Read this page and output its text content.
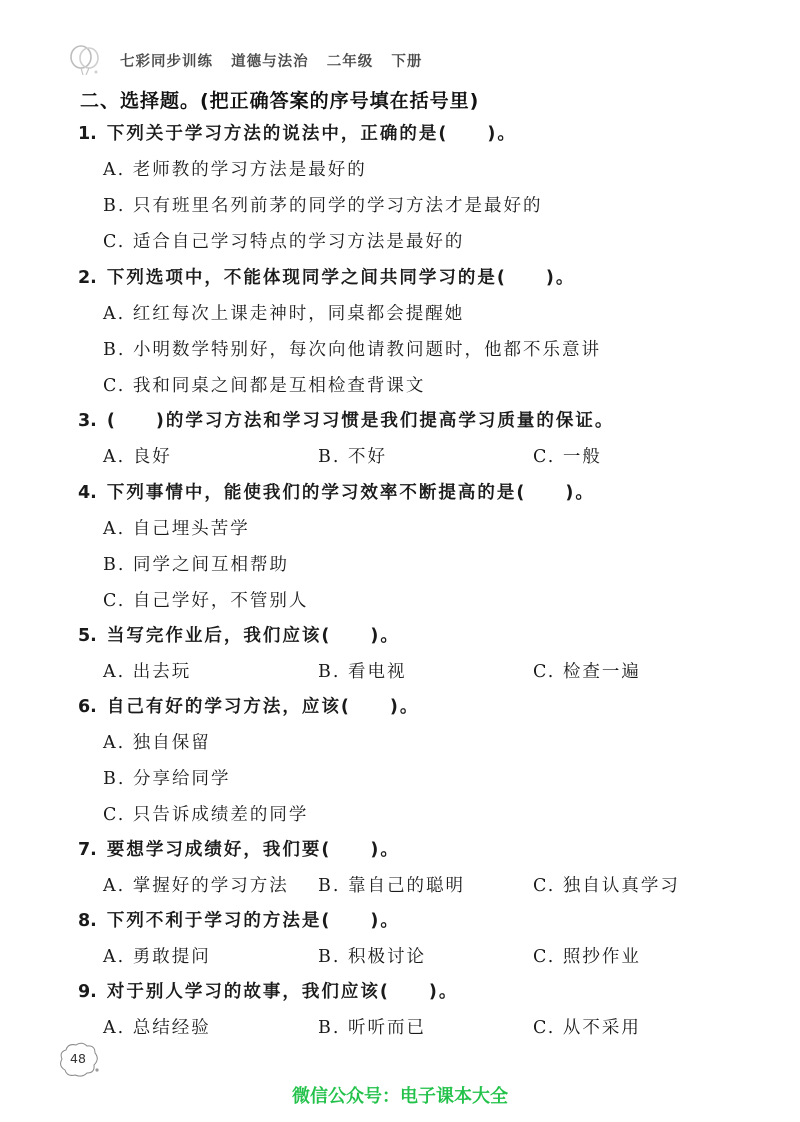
七彩同步训练   道德与法治   二年级   下册
二、选择题。(把正确答案的序号填在括号里)
1. 下列关于学习方法的说法中，正确的是(　　)。
A. 老师教的学习方法是最好的
B. 只有班里名列前茅的同学的学习方法才是最好的
C. 适合自己学习特点的学习方法是最好的
2. 下列选项中，不能体现同学之间共同学习的是(　　)。
A. 红红每次上课走神时，同桌都会提醒她
B. 小明数学特别好，每次向他请教问题时，他都不乐意讲
C. 我和同桌之间都是互相检查背课文
3. (　　)的学习方法和学习习惯是我们提高学习质量的保证。
A. 良好	B. 不好	C. 一般
4. 下列事情中，能使我们的学习效率不断提高的是(　　)。
A. 自己埋头苦学
B. 同学之间互相帮助
C. 自己学好，不管别人
5. 当写完作业后，我们应该(　　)。
A. 出去玩	B. 看电视	C. 检查一遍
6. 自己有好的学习方法，应该(　　)。
A. 独自保留
B. 分享给同学
C. 只告诉成绩差的同学
7. 要想学习成绩好，我们要(　　)。
A. 掌握好的学习方法 B. 靠自己的聪明	C. 独自认真学习
8. 下列不利于学习的方法是(　　)。
A. 勇敢提问	B. 积极讨论	C. 照抄作业
9. 对于别人学习的故事，我们应该(　　)。
A. 总结经验	B. 听听而已	C. 从不采用
48
微信公众号：电子课本大全
